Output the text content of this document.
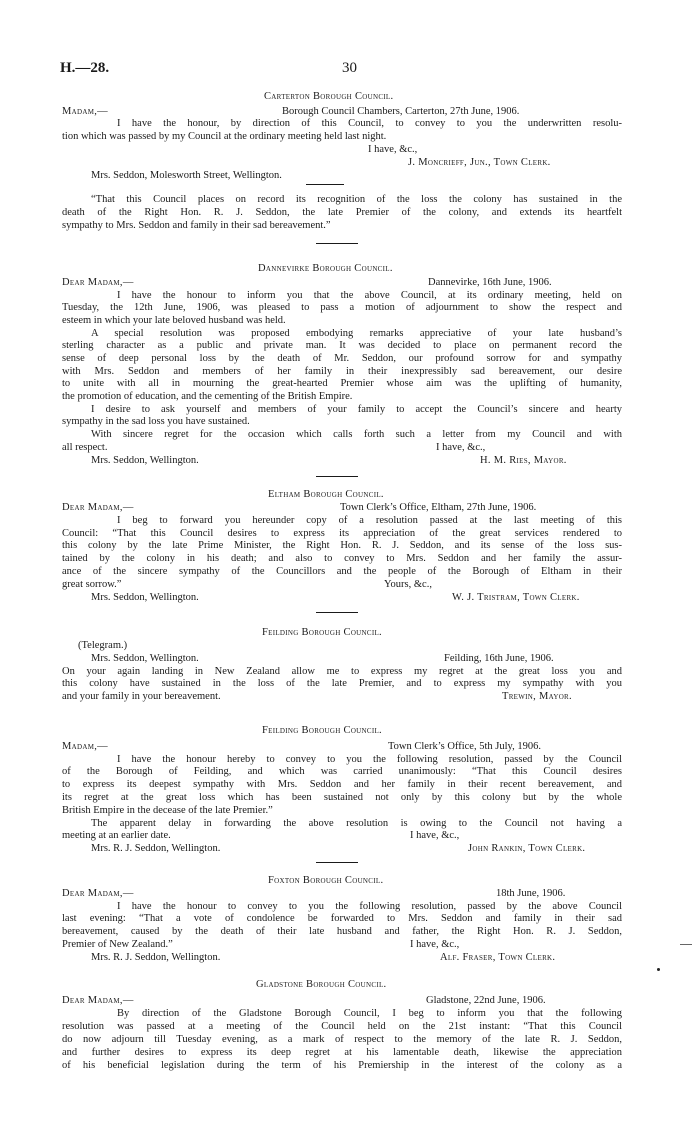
H.—28.	30
Carterton Borough Council.
Madam,—	Borough Council Chambers, Carterton, 27th June, 1906.
I have the honour, by direction of this Council, to convey to you the underwritten resolu-
tion which was passed by my Council at the ordinary meeting held last night.
I have, &c.,
J. Moncrieff, Jun., Town Clerk.
Mrs. Seddon, Molesworth Street, Wellington.
“That this Council places on record its recognition of the loss the colony has sustained in the
death of the Right Hon. R. J. Seddon, the late Premier of the colony, and extends its heartfelt
sympathy to Mrs. Seddon and family in their sad bereavement.”
Dannevirke Borough Council.
Dear Madam,—	Dannevirke, 16th June, 1906.
I have the honour to inform you that the above Council, at its ordinary meeting, held on
Tuesday, the 12th June, 1906, was pleased to pass a motion of adjournment to show the respect and
esteem in which your late beloved husband was held.
A special resolution was proposed embodying remarks appreciative of your late husband’s
sterling character as a public and private man. It was decided to place on permanent record the
sense of deep personal loss by the death of Mr. Seddon, our profound sorrow for and sympathy
with Mrs. Seddon and members of her family in their inexpressibly sad bereavement, our desire
to unite with all in mourning the great-hearted Premier whose aim was the uplifting of humanity,
the promotion of education, and the cementing of the British Empire.
I desire to ask yourself and members of your family to accept the Council’s sincere and hearty
sympathy in the sad loss you have sustained.
With sincere regret for the occasion which calls forth such a letter from my Council and with
all respect.	I have, &c.,
Mrs. Seddon, Wellington.	H. M. Ries, Mayor.
Eltham Borough Council.
Dear Madam,—	Town Clerk’s Office, Eltham, 27th June, 1906.
I beg to forward you hereunder copy of a resolution passed at the last meeting of this
Council: “That this Council desires to express its appreciation of the great services rendered to
this colony by the late Prime Minister, the Right Hon. R. J. Seddon, and its sense of the loss sus-
tained by the colony in his death; and also to convey to Mrs. Seddon and her family the assur-
ance of the sincere sympathy of the Councillors and the people of the Borough of Eltham in their
great sorrow.”	Yours, &c.,
Mrs. Seddon, Wellington.	W. J. Tristram, Town Clerk.
Feilding Borough Council.
(Telegram.)
Mrs. Seddon, Wellington.	Feilding, 16th June, 1906.
On your again landing in New Zealand allow me to express my regret at the great loss you and
this colony have sustained in the loss of the late Premier, and to express my sympathy with you
and your family in your bereavement.	Trewin, Mayor.
Feilding Borough Council.
Madam,—	Town Clerk’s Office, 5th July, 1906.
I have the honour hereby to convey to you the following resolution, passed by the Council
of the Borough of Feilding, and which was carried unanimously: “That this Council desires
to express its deepest sympathy with Mrs. Seddon and her family in their recent bereavement, and
its regret at the great loss which has been sustained not only by this colony but by the whole
British Empire in the decease of the late Premier.”
The apparent delay in forwarding the above resolution is owing to the Council not having a
meeting at an earlier date.	I have, &c.,
Mrs. R. J. Seddon, Wellington.	John Rankin, Town Clerk.
Foxton Borough Council.
Dear Madam,—	18th June, 1906.
I have the honour to convey to you the following resolution, passed by the above Council
last evening: “That a vote of condolence be forwarded to Mrs. Seddon and family in their sad
bereavement, caused by the death of their late husband and father, the Right Hon. R. J. Seddon,
Premier of New Zealand.”	I have, &c.,
Mrs. R. J. Seddon, Wellington.	Alf. Fraser, Town Clerk.
Gladstone Borough Council.
Dear Madam,—	Gladstone, 22nd June, 1906.
By direction of the Gladstone Borough Council, I beg to inform you that the following
resolution was passed at a meeting of the Council held on the 21st instant: “That this Council
do now adjourn till Tuesday evening, as a mark of respect to the memory of the late R. J. Seddon,
and further desires to express its deep regret at his lamentable death, likewise the appreciation
of his beneficial legislation during the term of his Premiership in the interest of the colony as a
